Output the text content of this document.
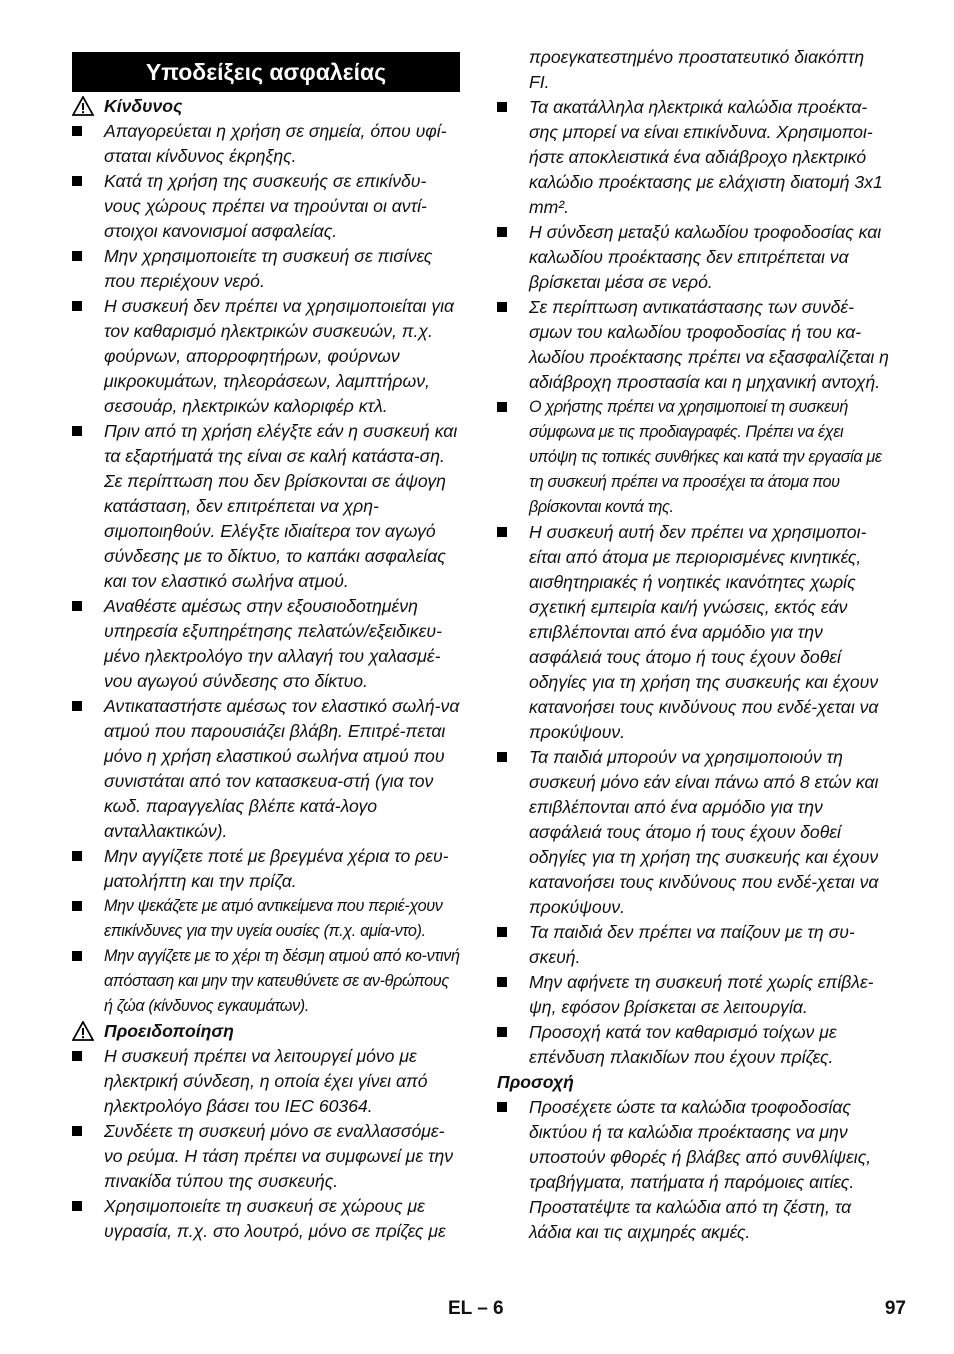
Υποδείξεις ασφαλείας
Κίνδυνος
Απαγορεύεται η χρήση σε σημεία, όπου υφί-σταται κίνδυνος έκρηξης.
Κατά τη χρήση της συσκευής σε επικίνδυ-νους χώρους πρέπει να τηρούνται οι αντί-στοιχοι κανονισμοί ασφαλείας.
Μην χρησιμοποιείτε τη συσκευή σε πισίνες που περιέχουν νερό.
Η συσκευή δεν πρέπει να χρησιμοποιείται για τον καθαρισμό ηλεκτρικών συσκευών, π.χ. φούρνων, απορροφητήρων, φούρνων μικροκυμάτων, τηλεοράσεων, λαμπτήρων, σεσουάρ, ηλεκτρικών καλοριφέρ κτλ.
Πριν από τη χρήση ελέγξτε εάν η συσκευή και τα εξαρτήματά της είναι σε καλή κατάστα-ση. Σε περίπτωση που δεν βρίσκονται σε άψογη κατάσταση, δεν επιτρέπεται να χρη-σιμοποιηθούν. Ελέγξτε ιδιαίτερα τον αγωγό σύνδεσης με το δίκτυο, το καπάκι ασφαλείας και τον ελαστικό σωλήνα ατμού.
Αναθέστε αμέσως στην εξουσιοδοτημένη υπηρεσία εξυπηρέτησης πελατών/εξειδικευ-μένο ηλεκτρολόγο την αλλαγή του χαλασμέ-νου αγωγού σύνδεσης στο δίκτυο.
Αντικαταστήστε αμέσως τον ελαστικό σωλή-να ατμού που παρουσιάζει βλάβη. Επιτρέ-πεται μόνο η χρήση ελαστικού σωλήνα ατμού που συνιστάται από τον κατασκευα-στή (για τον κωδ. παραγγελίας βλέπε κατά-λογο ανταλλακτικών).
Μην αγγίζετε ποτέ με βρεγμένα χέρια το ρευ-ματολήπτη και την πρίζα.
Μην ψεκάζετε με ατμό αντικείμενα που περιέ-χουν επικίνδυνες για την υγεία ουσίες (π.χ. αμία-ντο).
Μην αγγίζετε με το χέρι τη δέσμη ατμού από κο-ντινή απόσταση και μην την κατευθύνετε σε αν-θρώπους ή ζώα (κίνδυνος εγκαυμάτων).
Προειδοποίηση
Η συσκευή πρέπει να λειτουργεί μόνο με ηλεκτρική σύνδεση, η οποία έχει γίνει από ηλεκτρολόγο βάσει του IEC 60364.
Συνδέετε τη συσκευή μόνο σε εναλλασσόμε-νο ρεύμα. Η τάση πρέπει να συμφωνεί με την πινακίδα τύπου της συσκευής.
Χρησιμοποιείτε τη συσκευή σε χώρους με υγρασία, π.χ. στο λουτρό, μόνο σε πρίζες με
προεγκατεστημένο προστατευτικό διακόπτη FI.
Τα ακατάλληλα ηλεκτρικά καλώδια προέκτα-σης μπορεί να είναι επικίνδυνα. Χρησιμοποι-ήστε αποκλειστικά ένα αδιάβροχο ηλεκτρικό καλώδιο προέκτασης με ελάχιστη διατομή 3x1 mm².
Η σύνδεση μεταξύ καλωδίου τροφοδοσίας και καλωδίου προέκτασης δεν επιτρέπεται να βρίσκεται μέσα σε νερό.
Σε περίπτωση αντικατάστασης των συνδέ-σμων του καλωδίου τροφοδοσίας ή του κα-λωδίου προέκτασης πρέπει να εξασφαλίζεται η αδιάβροχη προστασία και η μηχανική αντοχή.
Ο χρήστης πρέπει να χρησιμοποιεί τη συσκευή σύμφωνα με τις προδιαγραφές. Πρέπει να έχει υπόψη τις τοπικές συνθήκες και κατά την εργασία με τη συσκευή πρέπει να προσέχει τα άτομα που βρίσκονται κοντά της.
Η συσκευή αυτή δεν πρέπει να χρησιμοποι-είται από άτομα με περιορισμένες κινητικές, αισθητηριακές ή νοητικές ικανότητες χωρίς σχετική εμπειρία και/ή γνώσεις, εκτός εάν επιβλέπονται από ένα αρμόδιο για την ασφάλειά τους άτομο ή τους έχουν δοθεί οδηγίες για τη χρήση της συσκευής και έχουν κατανοήσει τους κινδύνους που ενδέ-χεται να προκύψουν.
Τα παιδιά μπορούν να χρησιμοποιούν τη συσκευή μόνο εάν είναι πάνω από 8 ετών και επιβλέπονται από ένα αρμόδιο για την ασφάλειά τους άτομο ή τους έχουν δοθεί οδηγίες για τη χρήση της συσκευής και έχουν κατανοήσει τους κινδύνους που ενδέ-χεται να προκύψουν.
Τα παιδιά δεν πρέπει να παίζουν με τη συ-σκευή.
Μην αφήνετε τη συσκευή ποτέ χωρίς επίβλε-ψη, εφόσον βρίσκεται σε λειτουργία.
Προσοχή κατά τον καθαρισμό τοίχων με επένδυση πλακιδίων που έχουν πρίζες.
Προσοχή
Προσέχετε ώστε τα καλώδια τροφοδοσίας δικτύου ή τα καλώδια προέκτασης να μην υποστούν φθορές ή βλάβες από συνθλίψεις, τραβήγματα, πατήματα ή παρόμοιες αιτίες. Προστατέψτε τα καλώδια από τη ζέστη, τα λάδια και τις αιχμηρές ακμές.
EL – 6	97
